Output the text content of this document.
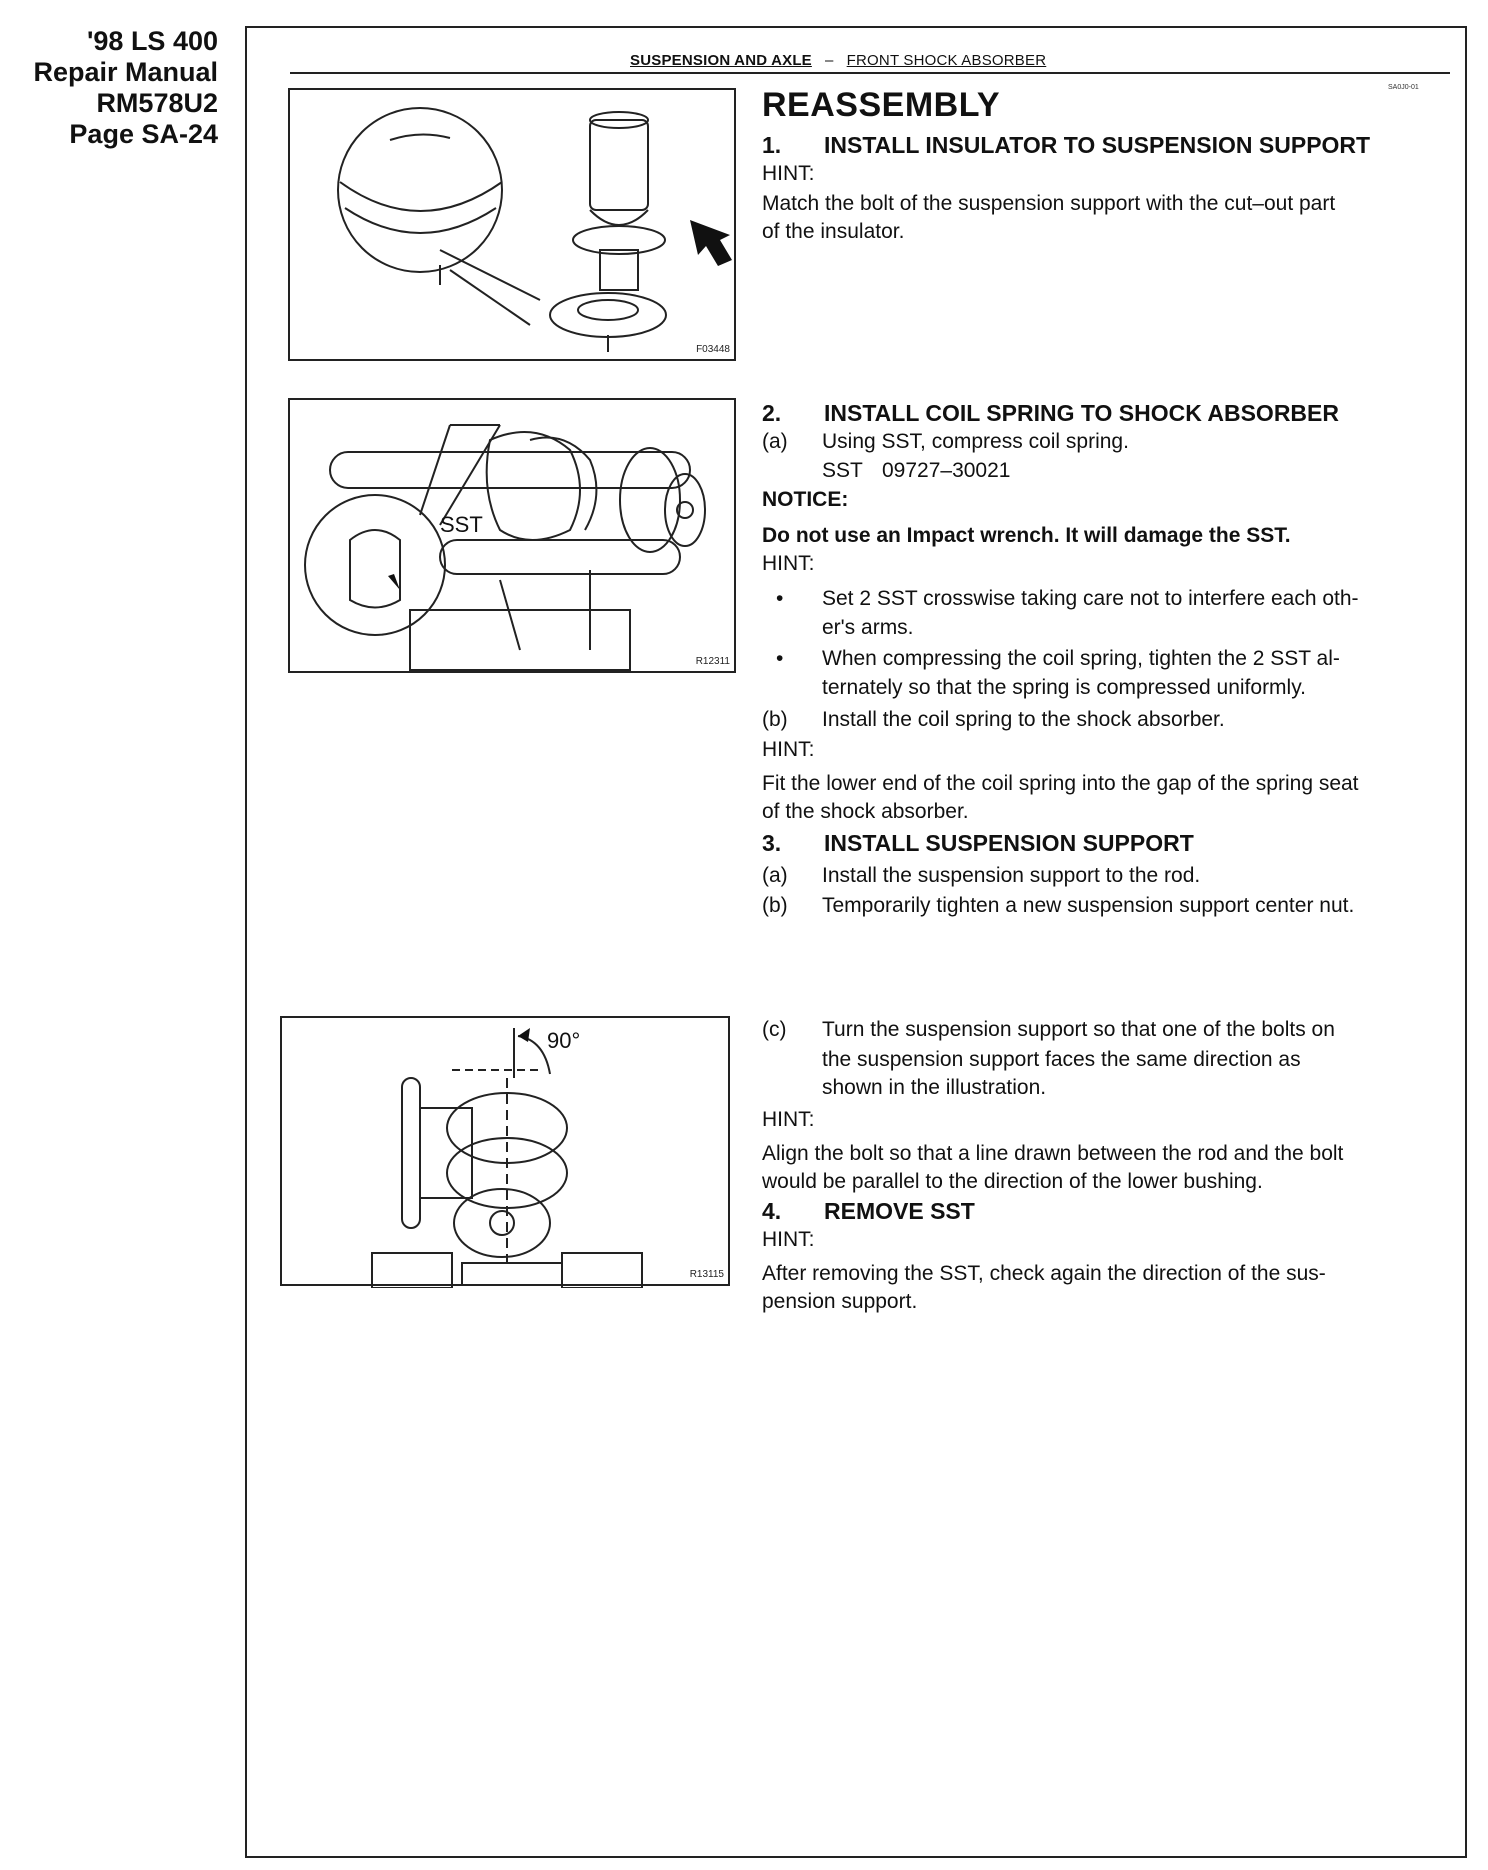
'98 LS 400
Repair Manual
RM578U2
Page SA-24
SUSPENSION AND AXLE – FRONT SHOCK ABSORBER
SA0J0-01
F03448
REASSEMBLY
1. INSTALL INSULATOR TO SUSPENSION SUPPORT
HINT:
Match the bolt of the suspension support with the cut–out part
of the insulator.
SST
R12311
2. INSTALL COIL SPRING TO SHOCK ABSORBER
(a) Using SST, compress coil spring.
SST 09727–30021
NOTICE:
Do not use an Impact wrench. It will damage the SST.
HINT:
• Set 2 SST crosswise taking care not to interfere each oth-
er's arms.
• When compressing the coil spring, tighten the 2 SST al-
ternately so that the spring is compressed uniformly.
(b) Install the coil spring to the shock absorber.
HINT:
Fit the lower end of the coil spring into the gap of the spring seat
of the shock absorber.
3. INSTALL SUSPENSION SUPPORT
(a) Install the suspension support to the rod.
(b) Temporarily tighten a new suspension support center nut.
90°
R13115
(c) Turn the suspension support so that one of the bolts on
the suspension support faces the same direction as
shown in the illustration.
HINT:
Align the bolt so that a line drawn between the rod and the bolt
would be parallel to the direction of the lower bushing.
4. REMOVE SST
HINT:
After removing the SST, check again the direction of the sus-
pension support.
